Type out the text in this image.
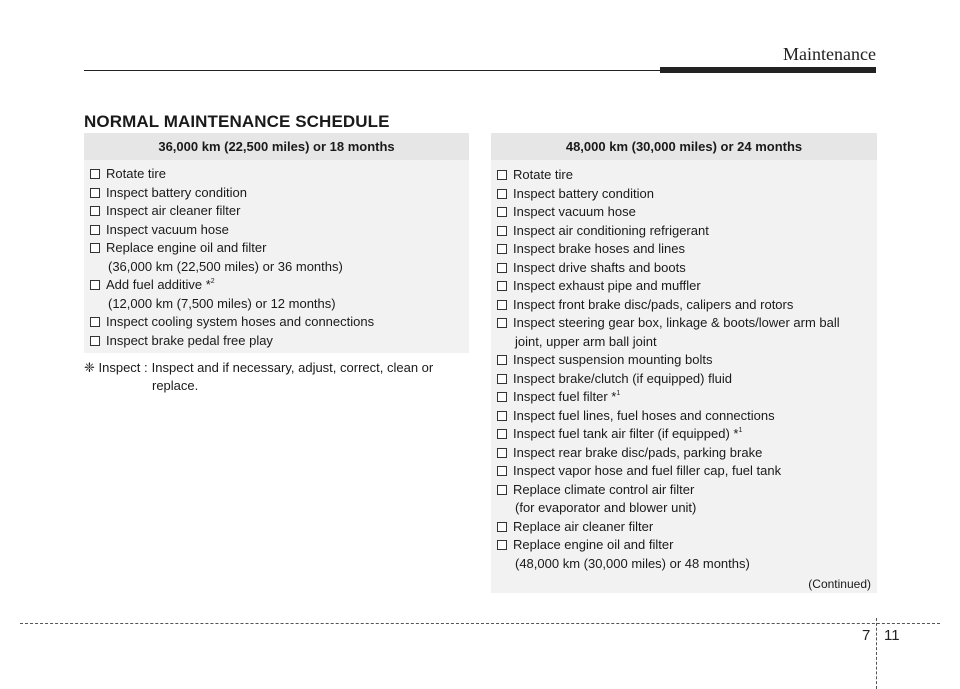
Maintenance
NORMAL MAINTENANCE SCHEDULE
36,000 km (22,500 miles) or 18 months
Rotate tire
Inspect battery condition
Inspect air cleaner filter
Inspect vacuum hose
Replace engine oil and filter
(36,000 km (22,500 miles) or 36 months)
Add fuel additive *$^2$
(12,000 km (7,500 miles) or 12 months)
Inspect cooling system hoses and connections
Inspect brake pedal free play
❈ Inspect : Inspect and if necessary, adjust, correct, clean or
replace.
48,000 km (30,000 miles) or 24 months
Rotate tire
Inspect battery condition
Inspect vacuum hose
Inspect air conditioning refrigerant
Inspect brake hoses and lines
Inspect drive shafts and boots
Inspect exhaust pipe and muffler
Inspect front brake disc/pads, calipers and rotors
Inspect steering gear box, linkage & boots/lower arm ball
joint, upper arm ball joint
Inspect suspension mounting bolts
Inspect brake/clutch (if equipped) fluid
Inspect fuel filter *$^1$
Inspect fuel lines, fuel hoses and connections
Inspect fuel tank air filter (if equipped) *$^1$
Inspect rear brake disc/pads, parking brake
Inspect vapor hose and fuel filler cap, fuel tank
Replace climate control air filter
(for evaporator and blower unit)
Replace air cleaner filter
Replace engine oil and filter
(48,000 km (30,000 miles) or 48 months)
(Continued)
7 11
